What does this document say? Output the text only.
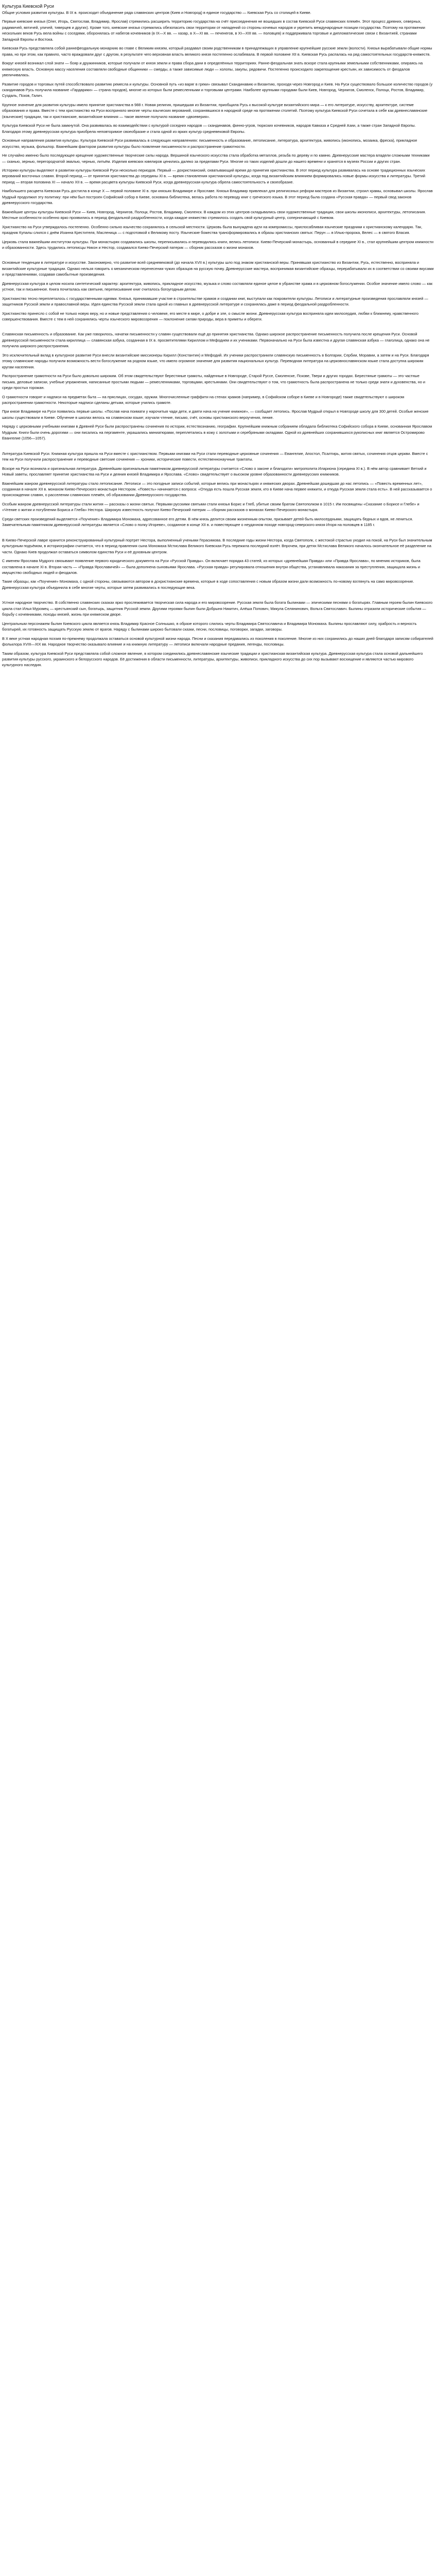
Культура Киевской Руси

Общие условия развития культуры. В IX в. происходит объединение ряда славянских центров (Киев и Новгород) в единое государство — Киевская Русь со столицей в Киеве.

Первые киевские князья (Олег, Игорь, Святослав, Владимир, Ярослав) стремились расширить территорию государства на счёт присоединения не вошедших в состав Киевской Руси славянских племён. Этот процесс древних, северных, радимичей, вятичей, уличей, тиверцев и других). Кроме того, киевские князья стремились обезопасить свои территории от нападений со стороны кочевых народов и укрепить международные позиции государства. Поэтому на протяжении нескольких веков Русь вела войны с соседями, оборонялась от набегов кочевников (в IX—X вв. — хазар, в X—XI вв. — печенегов, в XI—XIII вв. — половцев) и поддерживала торговые и дипломатические связи с Византией, странами Западной Европы и Востока.

Киевская Русь представляла собой раннефеодальную монархию во главе с Великим князем, который раздавал своим родственникам в принадлежащих в управление крупнейшие русские земли (волости). Князья вырабатывали общие нормы права, но при этом, как правило, часто враждовали друг с другом, в результате чего верховная власть великого князя постепенно ослабевала. В первой половине XII в. Киевская Русь распалась на ряд самостоятельных государств-княжеств.

Вокруг князей возникал слой знати — бояр и дружинников, которые получали от князя земли и права сбора дани в определённых территориях. Ранне-феодальная знать вскоре стала крупными земельными собственниками, опираясь на княжескую власть. Основную массу населения составляли свободные общинники — смерды, а также зависимые люди — холопы, закупы, рядовичи. Постепенно происходило закрепощение крестьян, их зависимость от феодалов увеличивалась.

Развитие городов и торговых путей способствовало развитию ремесла и культуры. Основной путь «из варяг в греки» связывал Скандинавию и Византию, проходя через Новгород и Киев. На Руси существовало большое количество городов (у скандинавов Русь получила название «Гардарики» — страна городов), многие из которых были ремесленными и торговыми центрами. Наиболее крупными городами были Киев, Новгород, Чернигов, Смоленск, Полоцк, Ростов, Владимир, Суздаль, Псков, Галич.

Крупное значение для развития культуры имело принятие христианства в 988 г. Новая религия, пришедшая из Византии, приобщила Русь к высокой культуре византийского мира — к его литературе, искусству, архитектуре, системе образования и права. Вместе с тем христианство на Руси восприняло многие черты языческих верований, сохранявшихся в народной среде на протяжении столетий. Поэтому культура Киевской Руси сочетала в себе как древнеславянские (языческие) традиции, так и христианские, византийские влияния — такое явление получило название «двоеверия».

Культура Киевской Руси не была замкнутой. Она развивалась во взаимодействии с культурой соседних народов — скандинавов, финно-угров, тюркских кочевников, народов Кавказа и Средней Азии, а также стран Западной Европы. Благодаря этому древнерусская культура приобрела неповторимое своеобразие и стала одной из ярких культур средневековой Европы.

Основные направления развития культуры. Культура Киевской Руси развивалась в следующих направлениях: письменность и образование, летописание, литература, архитектура, живопись (иконопись, мозаика, фреска), прикладное искусство, музыка, фольклор. Важнейшим фактором развития культуры было появление письменности и распространение грамотности.

Не случайно именно было последующее крещение художественные творческие силы народа. Вершиной языческого искусства стала обработка металлов, резьба по дереву и по камню. Древнерусские мастера владели сложными техниками — сканью, зернью, перегородчатой эмалью, чернью, литьём. Изделия киевских ювелиров ценились далеко за пределами Руси. Многие из таких изделий дошли до нашего времени и хранятся в музеях России и других стран.

Историки культуры выделяют в развитии культуры Киевской Руси несколько периодов. Первый — дохристианский, охватывающий время до принятия христианства. В этот период культура развивалась на основе традиционных языческих верований восточных славян. Второй период — от принятия христианства до середины XI в. — время становления христианской культуры, когда под византийским влиянием формировались новые формы искусства и литературы. Третий период — вторая половина XI — начало XII в. — время расцвета культуры Киевской Руси, когда древнерусская культура обрела самостоятельность и своеобразие.

Наибольшего расцвета Киевская Русь достигла в конце X — первой половине XI в. при князьях Владимире и Ярославе. Князья Владимир привлекал для религиозных реформ мастеров из Византии, строил храмы, основывал школы. Ярослав Мудрый продолжил эту политику: при нём был построен Софийский собор в Киеве, основана библиотека, велась работа по переводу книг с греческого языка. В этот период была создана «Русская правда» — первый свод законов древнерусского государства.

Важнейшие центры культуры Киевской Руси — Киев, Новгород, Чернигов, Полоцк, Ростов, Владимир, Смоленск. В каждом из этих центров складывались свои художественные традиции, свои школы иконописи, архитектуры, летописания. Местные особенности особенно ярко проявились в период феодальной раздробленности, когда каждое княжество стремилось создать свой культурный центр, соперничающий с Киевом.

Христианство на Руси утверждалось постепенно. Особенно сильно язычество сохранялось в сельской местности. Церковь была вынуждена идти на компромиссы, приспосабливая языческие праздники к христианскому календарю. Так, праздник Купалы слился с днём Иоанна Крестителя, Масленица — с подготовкой к Великому посту. Языческие божества трансформировались в образы христианских святых: Перун — в Илью-пророка, Велес — в святого Власия.

Церковь стала важнейшим институтом культуры. При монастырях создавались школы, переписывались и переводились книги, велись летописи. Киево-Печерский монастырь, основанный в середине XI в., стал крупнейшим центром книжности и образованности. Здесь трудились летописцы Никон и Нестор, создавался Киево-Печерский патерик — сборник рассказов о жизни монахов.

Основные тенденции в литературе и искусстве. Закономерно, что развитие всей средневековой (до начала XVII в.) культуры шло под знаком христианской веры. Принявшая христианство из Византии, Русь, естественно, восприняла и византийские культурные традиции. Однако нельзя говорить о механическом перенесении чужих образцов на русскую почву. Древнерусские мастера, воспринимая византийские образцы, перерабатывали их в соответствии со своими вкусами и представлениями, создавая самобытные произведения.

Древнерусская культура в целом носила синтетический характер: архитектура, живопись, прикладное искусство, музыка и слово составляли единое целое в убранстве храма и в церковном богослужении. Особое значение имело слово — как устное, так и письменное. Книга почиталась как святыня, переписывание книг считалось богоугодным делом.

Христианство тесно переплеталось с государственными идеями. Князья, принимавшие участие в строительстве храмов и создании книг, выступали как покровители культуры. Летописи и литературные произведения прославляли князей — защитников Русской земли и православной веры. Идея единства Русской земли стала одной из главных в древнерусской литературе и сохранялась даже в период феодальной раздробленности.

Христианство принесло с собой не только новую веру, но и новые представления о человеке, его месте в мире, о добре и зле, о смысле жизни. Древнерусская культура восприняла идеи милосердия, любви к ближнему, нравственного совершенствования. Вместе с тем в ней сохранялись черты языческого мировоззрения — поклонение силам природы, вера в приметы и обереги.

Славянская письменность и образование. Как уже говорилось, начатки письменности у славян существовали ещё до принятия христианства. Однако широкое распространение письменность получила после крещения Руси. Основой древнерусской письменности стала кириллица — славянская азбука, созданная в IX в. просветителями Кириллом и Мефодием и их учениками. Первоначально на Руси была известна и другая славянская азбука — глаголица, однако она не получила широкого распространения.

Это исключительный вклад в культурное развитие Руси внесли византийские миссионеры Кирилл (Константин) и Мефодий. Их ученики распространили славянскую письменность в Болгарии, Сербии, Моравии, а затем и на Руси. Благодаря этому славянские народы получили возможность вести богослужение на родном языке, что имело огромное значение для развития национальных культур. Переводная литература на церковнославянском языке стала доступна широким кругам населения.

Распространение грамотности на Руси было довольно широким. Об этом свидетельствуют берестяные грамоты, найденные в Новгороде, Старой Руссе, Смоленске, Пскове, Твери и других городах. Берестяные грамоты — это частные письма, деловые записки, учебные упражнения, написанные простыми людьми — ремесленниками, торговцами, крестьянами. Они свидетельствуют о том, что грамотность была распространена не только среди знати и духовенства, но и среди простых горожан.

О грамотности говорят и надписи на предметах быта — на пряслицах, сосудах, оружии. Многочисленные граффити на стенах храмов (например, в Софийском соборе в Киеве и в Новгороде) также свидетельствуют о широком распространении грамотности. Некоторые надписи сделаны детьми, которые учились грамоте.

При князе Владимире на Руси появились первые школы. «Послав нача поимати у нарочитыя чади дети, и даяти нача на учение книжное», — сообщает летопись. Ярослав Мудрый открыл в Новгороде школу для 300 детей. Особые женские школы существовали в Киеве. Обучение в школах велось на славянском языке; изучали чтение, письмо, счёт, основы христианского вероучения, пение.

Наряду с церковными учебными книгами в Древней Руси были распространены сочинения по истории, естествознанию, географии. Крупнейшим книжным собранием обладала библиотека Софийского собора в Киеве, основанная Ярославом Мудрым. Книги были очень дорогими — они писались на пергаменте, украшались миниатюрами, переплетались в кожу с золотыми и серебряными окладами. Одной из древнейших сохранившихся рукописных книг является Остромирово Евангелие (1056—1057).

Литература Киевской Руси. Книжная культура пришла на Руси вместе с христианством. Первыми книгами на Руси стали переводные церковные сочинения — Евангелие, Апостол, Псалтирь, жития святых, сочинения отцов церкви. Вместе с тем на Руси получили распространение и переводные светские сочинения — хроники, исторические повести, естественнонаучные трактаты.

Вскоре на Руси возникла и оригинальная литература. Древнейшим оригинальным памятником древнерусской литературы считается «Слово о законе и благодати» митрополита Илариона (середина XI в.). В нём автор сравнивает Ветхий и Новый заветы, прославляет принятие христианства на Руси и деяния князей Владимира и Ярослава. «Слово» свидетельствует о высоком уровне образованности древнерусских книжников.

Важнейшим жанром древнерусской литературы стало летописание. Летописи — это погодные записи событий, которые велись при монастырях и княжеских дворах. Древнейшая дошедшая до нас летопись — «Повесть временных лет», созданная в начале XII в. монахом Киево-Печерского монастыря Нестором. «Повесть» начинается с вопроса: «Откуда есть пошла Русская земля, кто в Киеве нача первее княжити, и откуда Русская земля стала есть». В ней рассказывается о происхождении славян, о расселении славянских племён, об образовании Древнерусского государства.

Особым жанром древнерусской литературы стали жития — рассказы о жизни святых. Первыми русскими святыми стали князья Борис и Глеб, убитые своим братом Святополком в 1015 г. Им посвящены «Сказание о Борисе и Глебе» и «Чтение о житии и погублении Бориса и Глеба» Нестора. Широкую известность получил Киево-Печерский патерик — сборник рассказов о монахах Киево-Печерского монастыря.

Среди светских произведений выделяется «Поучение» Владимира Мономаха, адресованное его детям. В нём князь делится своим жизненным опытом, призывает детей быть милосердными, защищать бедных и вдов, не лениться. Замечательным памятником древнерусской литературы является «Слово о полку Игореве», созданное в конце XII в. и повествующее о неудачном походе новгород-северского князя Игоря на половцев в 1185 г.

В Киево-Печерской лавре хранится реконструированный культурный портрет Нестора, выполненный учеными Герасимова. В последние годы жизни Нестора, когда Святополк, с жестокой страстью уходил на покой, на Руси был значительным культурным подъёмом, в историографии считается, что в период правления сына Мономаха Мстислава Великого Киевская Русь пережила последний взлёт. Впрочем, при детях Мстислава Великого началось окончательное её разделение на части. Однако Киев продолжал оставаться символом единства Руси и её духовным центром.

С именем Ярослава Мудрого связывают появление первого юридического документа на Руси «Русской Правды». Он включает порядка 43 статей, из которых «древнейшая Правда» или «Правда Ярослава», по мнению историков, была составлена в начале XI в. Вторая часть — «Правда Ярославичей» — была дополнена сыновьями Ярослава. «Русская правда» регулировала отношения внутри общества, устанавливала наказания за преступления, защищала жизнь и имущество свободных людей и феодалов.

Такие образцы, как «Поучение» Мономаха, с одной стороны, связываются автором в дохристианские времена, которые в ходе сопоставления с новым образом жизни дали возможность по-новому взглянуть на само мировоззрение. Древнерусская культура объединила в себе многие черты, которые затем развивались в последующие века.

Устное народное творчество. В собственно славянских сказках ярко прослеживается творческая сила народа и его мировоззрение. Русская земля была богата былинами — эпическими песнями о богатырях. Главным героем былин Киевского цикла стал Илья Муромец — крестьянский сын, богатырь, защитник Русской земли. Другими героями былин были Добрыня Никитич, Алёша Попович, Микула Селянинович, Вольга Святославич. Былины отразили исторические события — борьбу с кочевниками, походы князей, жизнь при княжеском дворе.

Центральным персонажем былин Киевского цикла является князь Владимир Красное Солнышко, в образе которого слились черты Владимира Святославича и Владимира Мономаха. Былины прославляют силу, храбрость и верность богатырей, их готовность защищать Русскую землю от врагов. Наряду с былинами широко бытовали сказки, песни, пословицы, поговорки, загадки, заговоры.

В Х веке устная народная поэзия по-прежнему продолжала оставаться основой культурной жизни народа. Песни и сказания передавались из поколения в поколение. Многие из них сохранились до наших дней благодаря записям собирателей фольклора XVIII—XIX вв. Народное творчество оказывало влияние и на книжную литературу — летописи включали народные предания, легенды, пословицы.

Таким образом, культура Киевской Руси представляла собой сложное явление, в котором соединились древнеславянские языческие традиции и христианская византийская культура. Древнерусская культура стала основой дальнейшего развития культуры русского, украинского и белорусского народов. Её достижения в области письменности, литературы, архитектуры, живописи, прикладного искусства до сих пор вызывают восхищение и являются частью мирового культурного наследия.
